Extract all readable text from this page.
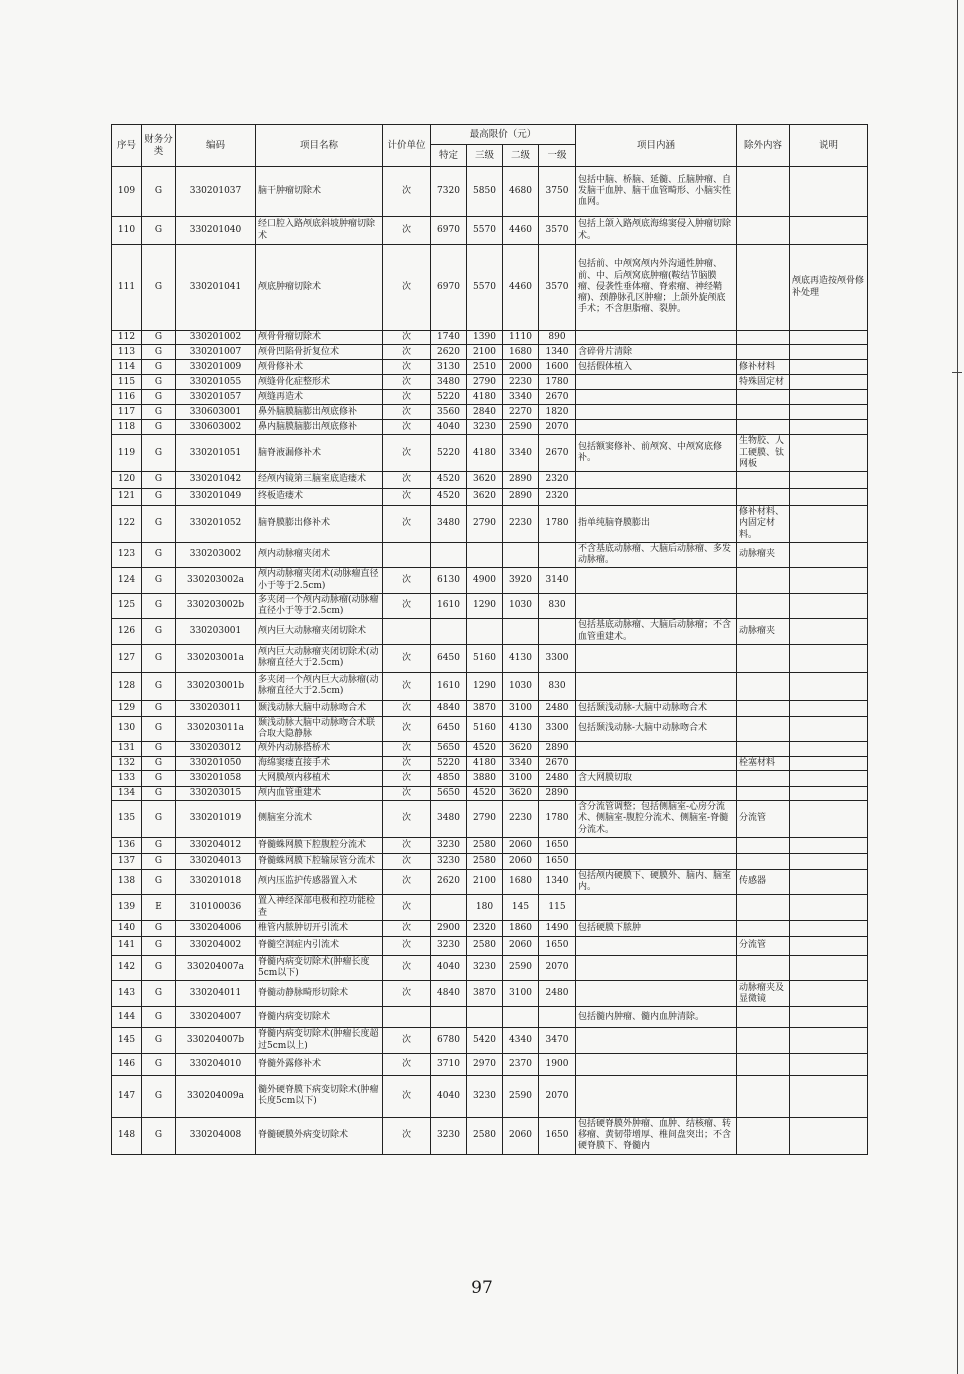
序号	财务分类	编码	项目名称	计价单位	最高限价（元）				项目内涵	除外内容	说明
					特定	三级	二级	一级			
109	G	330201037	脑干肿瘤切除术	次	7320	5850	4680	3750	包括中脑、桥脑、延髓、丘脑肿瘤、自发脑干血肿、脑干血管畸形、小脑实性血网。		
110	G	330201040	经口腔入路颅底斜坡肿瘤切除术	次	6970	5570	4460	3570	包括上颌入路颅底海绵窦侵入肿瘤切除术。		
111	G	330201041	颅底肿瘤切除术	次	6970	5570	4460	3570	包括前、中颅窝颅内外沟通性肿瘤、前、中、后颅窝底肿瘤(鞍结节脑膜瘤、侵袭性垂体瘤、脊索瘤、神经鞘瘤)、颈静脉孔区肿瘤；上颌外旋颅底手术；不含胆脂瘤、裂肿。		颅底再造按颅骨修补处理
112	G	330201002	颅骨骨瘤切除术	次	1740	1390	1110	890			
113	G	330201007	颅骨凹陷骨折复位术	次	2620	2100	1680	1340	含碎骨片清除		
114	G	330201009	颅骨修补术	次	3130	2510	2000	1600	包括假体植入	修补材料	
115	G	330201055	颅缝骨化症整形术	次	3480	2790	2230	1780		特殊固定材	
116	G	330201057	颅缝再造术	次	5220	4180	3340	2670			
117	G	330603001	鼻外脑膜脑膨出颅底修补	次	3560	2840	2270	1820			
118	G	330603002	鼻内脑膜脑膨出颅底修补	次	4040	3230	2590	2070			
119	G	330201051	脑脊液漏修补术	次	5220	4180	3340	2670	包括额窦修补、前颅窝、中颅窝底修补。	生物胶、人工硬膜、钛网板	
120	G	330201042	经颅内镜第三脑室底造瘘术	次	4520	3620	2890	2320			
121	G	330201049	终板造瘘术	次	4520	3620	2890	2320			
122	G	330201052	脑脊膜膨出修补术	次	3480	2790	2230	1780	指单纯脑脊膜膨出	修补材料、内固定材料。	
123	G	330203002	颅内动脉瘤夹闭术						不含基底动脉瘤、大脑后动脉瘤、多发动脉瘤。	动脉瘤夹	
124	G	330203002a	颅内动脉瘤夹闭术(动脉瘤直径小于等于2.5cm)	次	6130	4900	3920	3140			
125	G	330203002b	多夹闭一个颅内动脉瘤(动脉瘤直径小于等于2.5cm)	次	1610	1290	1030	830			
126	G	330203001	颅内巨大动脉瘤夹闭切除术						包括基底动脉瘤、大脑后动脉瘤；不含血管重建术。	动脉瘤夹	
127	G	330203001a	颅内巨大动脉瘤夹闭切除术(动脉瘤直径大于2.5cm)	次	6450	5160	4130	3300			
128	G	330203001b	多夹闭一个颅内巨大动脉瘤(动脉瘤直径大于2.5cm)	次	1610	1290	1030	830			
129	G	330203011	颞浅动脉大脑中动脉吻合术	次	4840	3870	3100	2480	包括颞浅动脉-大脑中动脉吻合术		
130	G	330203011a	颞浅动脉大脑中动脉吻合术联合取大隐静脉	次	6450	5160	4130	3300	包括颞浅动脉-大脑中动脉吻合术		
131	G	330203012	颅外内动脉搭桥术	次	5650	4520	3620	2890			
132	G	330201050	海绵窦瘘直接手术	次	5220	4180	3340	2670		栓塞材料	
133	G	330201058	大网膜颅内移植术	次	4850	3880	3100	2480	含大网膜切取		
134	G	330203015	颅内血管重建术	次	5650	4520	3620	2890			
135	G	330201019	侧脑室分流术	次	3480	2790	2230	1780	含分流管调整；包括侧脑室-心房分流术、侧脑室-腹腔分流术、侧脑室-脊髓分流术。	分流管	
136	G	330204012	脊髓蛛网膜下腔腹腔分流术	次	3230	2580	2060	1650			
137	G	330204013	脊髓蛛网膜下腔输尿管分流术	次	3230	2580	2060	1650			
138	G	330201018	颅内压监护传感器置入术	次	2620	2100	1680	1340	包括颅内硬膜下、硬膜外、脑内、脑室内。	传感器	
139	E	310100036	置入神经深部电极和控功能检查	次		180	145	115			
140	G	330204006	椎管内脓肿切开引流术	次	2900	2320	1860	1490	包括硬膜下脓肿		
141	G	330204002	脊髓空洞症内引流术	次	3230	2580	2060	1650		分流管	
142	G	330204007a	脊髓内病变切除术(肿瘤长度5cm以下)	次	4040	3230	2590	2070			
143	G	330204011	脊髓动静脉畸形切除术	次	4840	3870	3100	2480		动脉瘤夹及显微镜	
144	G	330204007	脊髓内病变切除术						包括髓内肿瘤、髓内血肿清除。		
145	G	330204007b	脊髓内病变切除术(肿瘤长度超过5cm以上)	次	6780	5420	4340	3470			
146	G	330204010	脊髓外露修补术	次	3710	2970	2370	1900			
147	G	330204009a	髓外硬脊膜下病变切除术(肿瘤长度5cm以下)	次	4040	3230	2590	2070			
148	G	330204008	脊髓硬膜外病变切除术	次	3230	2580	2060	1650	包括硬脊膜外肿瘤、血肿、结核瘤、转移瘤、黄韧带增厚、椎间盘突出；不含硬脊膜下、脊髓内		
97
